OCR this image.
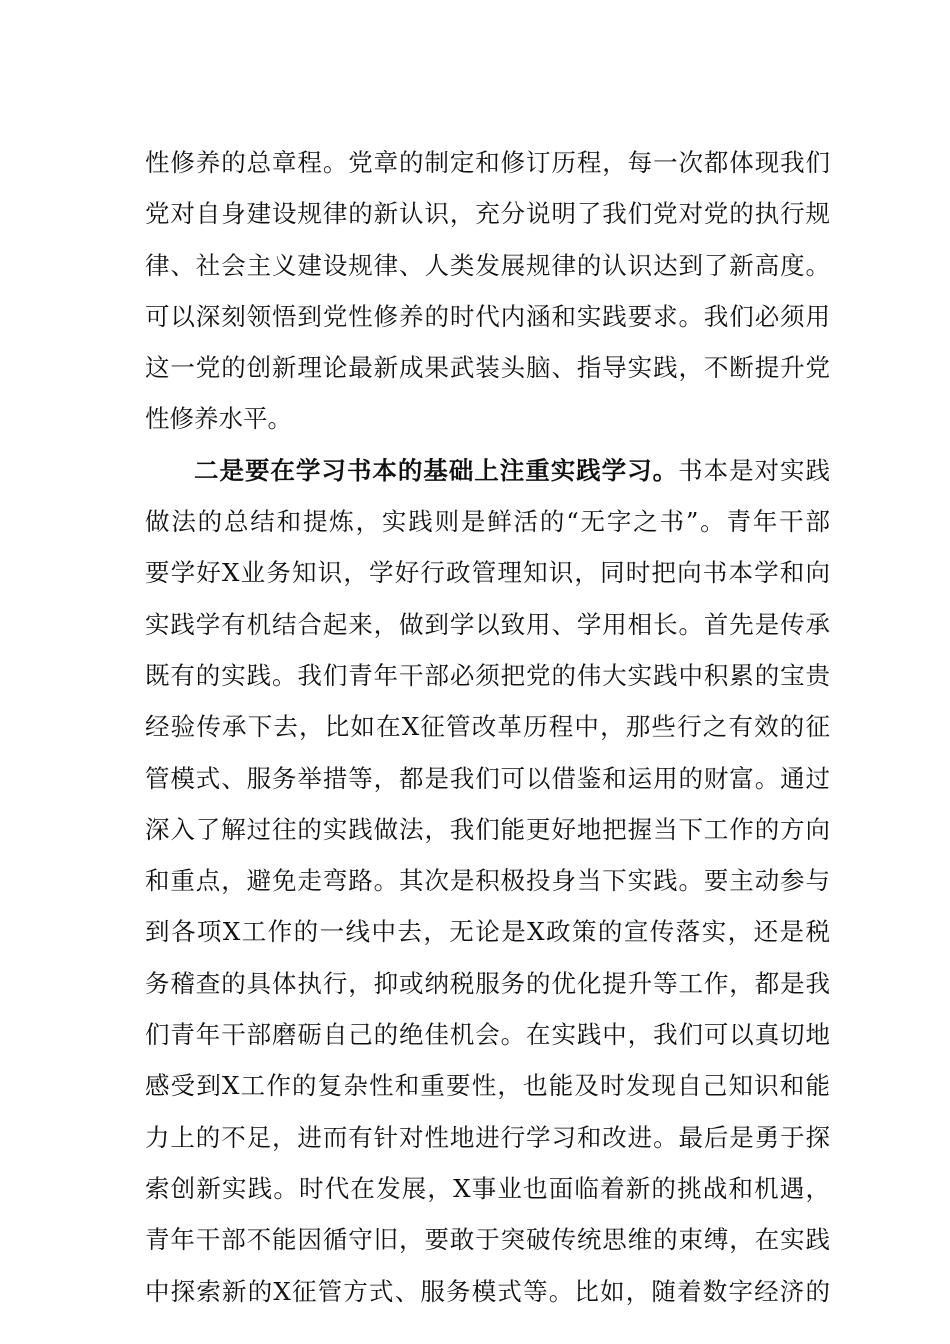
性修养的总章程。党章的制定和修订历程，每一次都体现我们
党对自身建设规律的新认识，充分说明了我们党对党的执行规
律、社会主义建设规律、人类发展规律的认识达到了新高度。
可以深刻领悟到党性修养的时代内涵和实践要求。我们必须用
这一党的创新理论最新成果武装头脑、指导实践，不断提升党
性修养水平。
二是要在学习书本的基础上注重实践学习。书本是对实践
做法的总结和提炼，实践则是鲜活的“无字之书”。青年干部
要学好X业务知识，学好行政管理知识，同时把向书本学和向
实践学有机结合起来，做到学以致用、学用相长。首先是传承
既有的实践。我们青年干部必须把党的伟大实践中积累的宝贵
经验传承下去，比如在X征管改革历程中，那些行之有效的征
管模式、服务举措等，都是我们可以借鉴和运用的财富。通过
深入了解过往的实践做法，我们能更好地把握当下工作的方向
和重点，避免走弯路。其次是积极投身当下实践。要主动参与
到各项X工作的一线中去，无论是X政策的宣传落实，还是税
务稽查的具体执行，抑或纳税服务的优化提升等工作，都是我
们青年干部磨砺自己的绝佳机会。在实践中，我们可以真切地
感受到X工作的复杂性和重要性，也能及时发现自己知识和能
力上的不足，进而有针对性地进行学习和改进。最后是勇于探
索创新实践。时代在发展，X事业也面临着新的挑战和机遇，
青年干部不能因循守旧，要敢于突破传统思维的束缚，在实践
中探索新的X征管方式、服务模式等。比如，随着数字经济的
